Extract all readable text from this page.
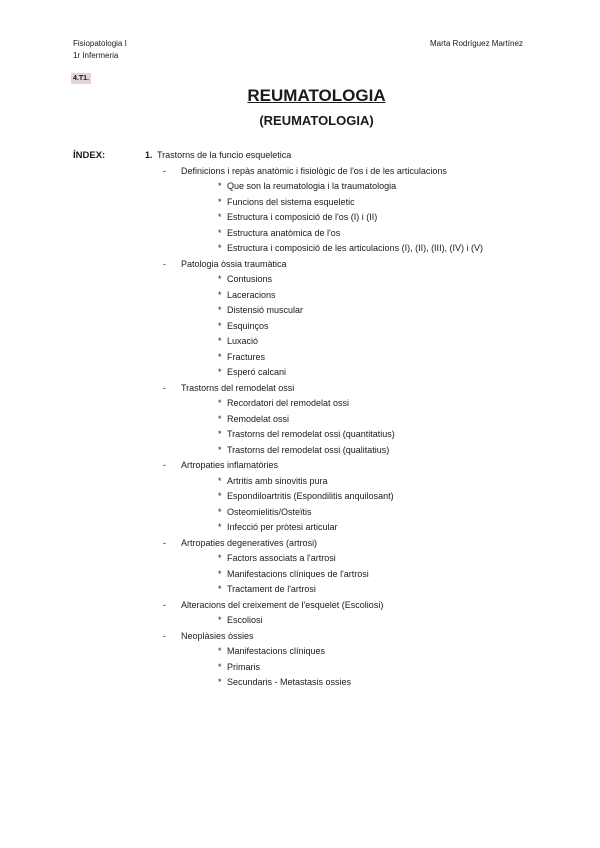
Fisiopatologia I
1r Infermeria
Marta Rodríguez Martínez
4.T1.
REUMATOLOGIA
(REUMATOLOGIA)
ÍNDEX:	1. Trastorns de la funcio esqueletica
- Definicions i repàs anatòmic i fisiològic de l'os i de les articulacions
* Que son la reumatologia i la traumatologia
* Funcions del sistema esqueletic
* Estructura i composició de l'os (I) i (II)
* Estructura anatòmica de l'os
* Estructura i composició de les articulacions (I), (II), (III), (IV) i (V)
- Patologia òssia traumàtica
* Contusions
* Laceracions
* Distensió muscular
* Esquinços
* Luxació
* Fractures
* Esperó calcani
- Trastorns del remodelat ossi
* Recordatori del remodelat ossi
* Remodelat ossi
* Trastorns del remodelat ossi (quantitatius)
* Trastorns del remodelat ossi (qualitatius)
- Artropaties inflamatòries
* Artritis amb sinovitis pura
* Espondiloartritis (Espondilitis anquilosant)
* Osteomielitis/Osteïtis
* Infecció per pròtesi articular
- Artropaties degeneratives (artrosi)
* Factors associats a l'artrosi
* Manifestacions clíniques de l'artrosi
* Tractament de l'artrosi
- Alteracions del creixement de l'esquelet (Escoliosi)
* Escoliosi
- Neoplàsies òssies
* Manifestacions clíniques
* Primaris
* Secundaris - Metastasis ossies
